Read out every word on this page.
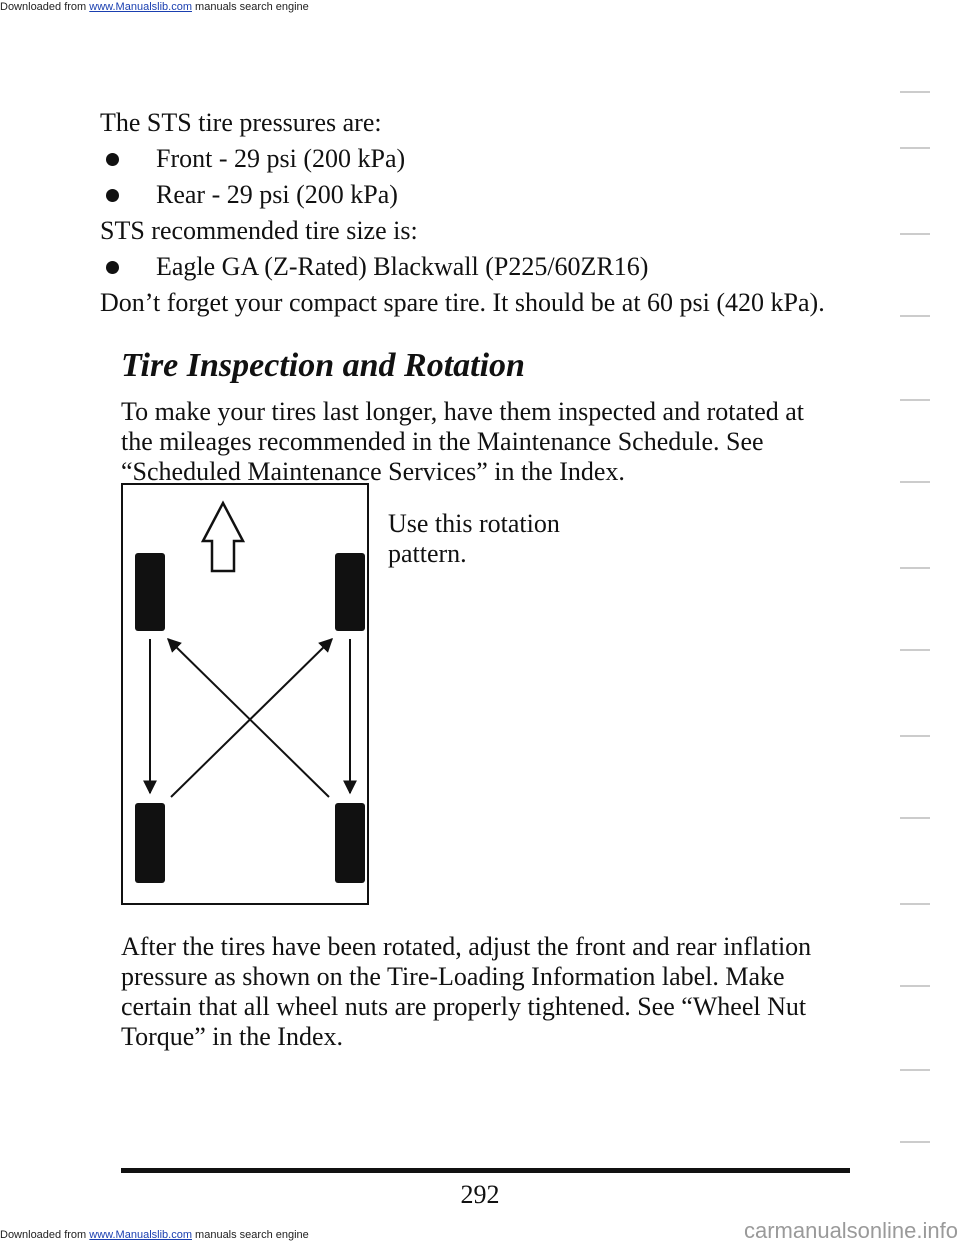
Downloaded from www.Manualslib.com manuals search engine

The STS tire pressures are:

Front - 29 psi (200 kPa)
Rear - 29 psi (200 kPa)

STS recommended tire size is:

Eagle GA (Z-Rated) Blackwall (P225/60ZR16)

Don’t forget your compact spare tire. It should be at 60 psi (420 kPa).

Tire Inspection and Rotation

To make your tires last longer, have them inspected and rotated at the mileages recommended in the Maintenance Schedule. See “Scheduled Maintenance Services” in the Index.

Use this rotation pattern.

After the tires have been rotated, adjust the front and rear inflation pressure as shown on the Tire-Loading Information label. Make certain that all wheel nuts are properly tightened. See “Wheel Nut Torque” in the Index.

292
Downloaded from www.Manualslib.com manuals search engine	carmanualsonline.info
